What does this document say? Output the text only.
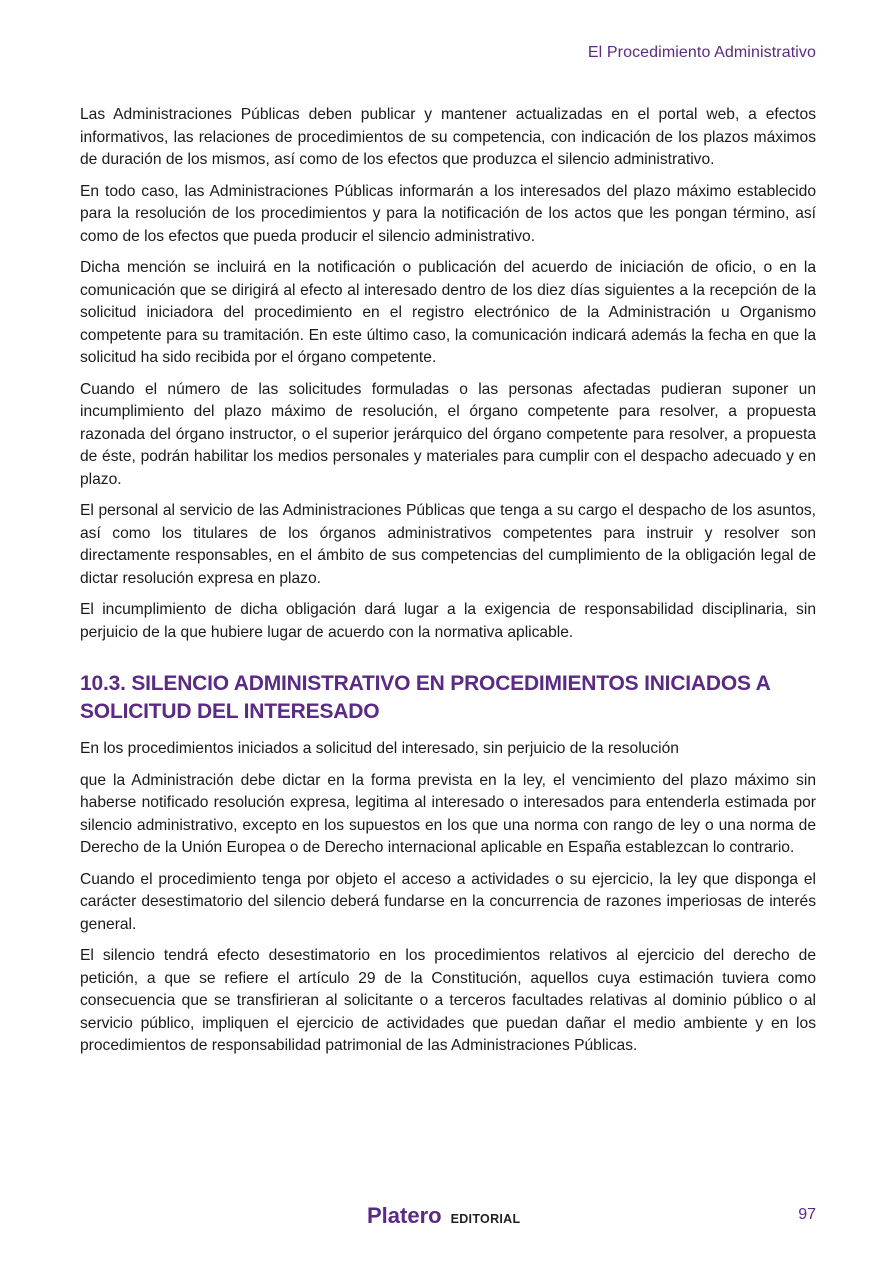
El Procedimiento Administrativo

Las Administraciones Públicas deben publicar y mantener actualizadas en el portal web, a efectos informativos, las relaciones de procedimientos de su competencia, con indicación de los plazos máximos de duración de los mismos, así como de los efectos que produzca el silencio administrativo.

En todo caso, las Administraciones Públicas informarán a los interesados del plazo máximo establecido para la resolución de los procedimientos y para la notificación de los actos que les pongan término, así como de los efectos que pueda producir el silencio administrativo.

Dicha mención se incluirá en la notificación o publicación del acuerdo de iniciación de oficio, o en la comunicación que se dirigirá al efecto al interesado dentro de los diez días siguientes a la recepción de la solicitud iniciadora del procedimiento en el registro electrónico de la Administración u Organismo competente para su tramitación. En este último caso, la comunicación indicará además la fecha en que la solicitud ha sido recibida por el órgano competente.

Cuando el número de las solicitudes formuladas o las personas afectadas pudieran suponer un incumplimiento del plazo máximo de resolución, el órgano competente para resolver, a propuesta razonada del órgano instructor, o el superior jerárquico del órgano competente para resolver, a propuesta de éste, podrán habilitar los medios personales y materiales para cumplir con el despacho adecuado y en plazo.

El personal al servicio de las Administraciones Públicas que tenga a su cargo el despacho de los asuntos, así como los titulares de los órganos administrativos competentes para instruir y resolver son directamente responsables, en el ámbito de sus competencias del cumplimiento de la obligación legal de dictar resolución expresa en plazo.

El incumplimiento de dicha obligación dará lugar a la exigencia de responsabilidad disciplinaria, sin perjuicio de la que hubiere lugar de acuerdo con la normativa aplicable.

10.3. SILENCIO ADMINISTRATIVO EN PROCEDIMIENTOS INICIADOS A SOLICITUD DEL INTERESADO

En los procedimientos iniciados a solicitud del interesado, sin perjuicio de la resolución

que la Administración debe dictar en la forma prevista en la ley, el vencimiento del plazo máximo sin haberse notificado resolución expresa, legitima al interesado o interesados para entenderla estimada por silencio administrativo, excepto en los supuestos en los que una norma con rango de ley o una norma de Derecho de la Unión Europea o de Derecho internacional aplicable en España establezcan lo contrario.

Cuando el procedimiento tenga por objeto el acceso a actividades o su ejercicio, la ley que disponga el carácter desestimatorio del silencio deberá fundarse en la concurrencia de razones imperiosas de interés general.

El silencio tendrá efecto desestimatorio en los procedimientos relativos al ejercicio del derecho de petición, a que se refiere el artículo 29 de la Constitución, aquellos cuya estimación tuviera como consecuencia que se transfirieran al solicitante o a terceros facultades relativas al dominio público o al servicio público, impliquen el ejercicio de actividades que puedan dañar el medio ambiente y en los procedimientos de responsabilidad patrimonial de las Administraciones Públicas.

Platero EDITORIAL	97
